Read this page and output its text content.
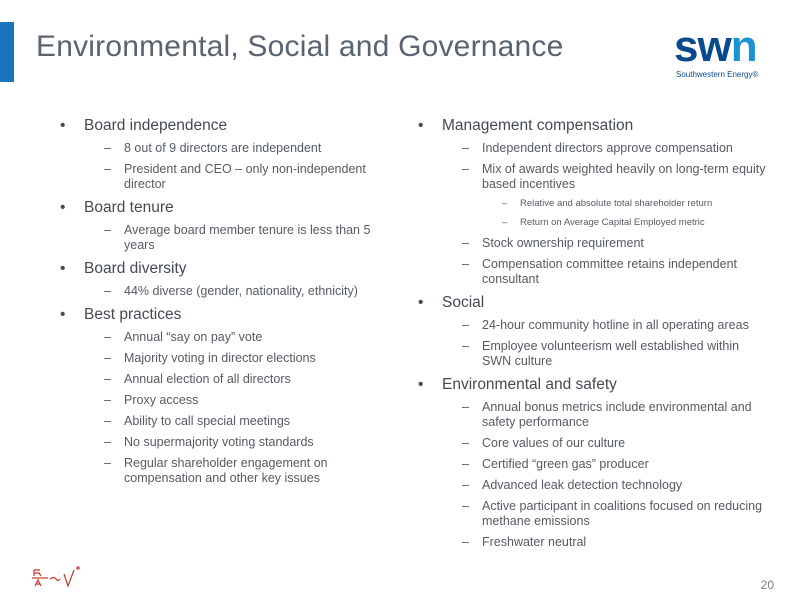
Environmental, Social and Governance	swn
Southwestern Energy®
• Board independence
– 8 out of 9 directors are independent
– President and CEO – only non-independent director
• Board tenure
– Average board member tenure is less than 5 years
• Board diversity
– 44% diverse (gender, nationality, ethnicity)
• Best practices
– Annual “say on pay” vote
– Majority voting in director elections
– Annual election of all directors
– Proxy access
– Ability to call special meetings
– No supermajority voting standards
– Regular shareholder engagement on compensation and other key issues
• Management compensation
– Independent directors approve compensation
– Mix of awards weighted heavily on long-term equity based incentives
– Relative and absolute total shareholder return
– Return on Average Capital Employed metric
– Stock ownership requirement
– Compensation committee retains independent consultant
• Social
– 24-hour community hotline in all operating areas
– Employee volunteerism well established within SWN culture
• Environmental and safety
– Annual bonus metrics include environmental and safety performance
– Core values of our culture
– Certified “green gas” producer
– Advanced leak detection technology
– Active participant in coalitions focused on reducing methane emissions
– Freshwater neutral
20
